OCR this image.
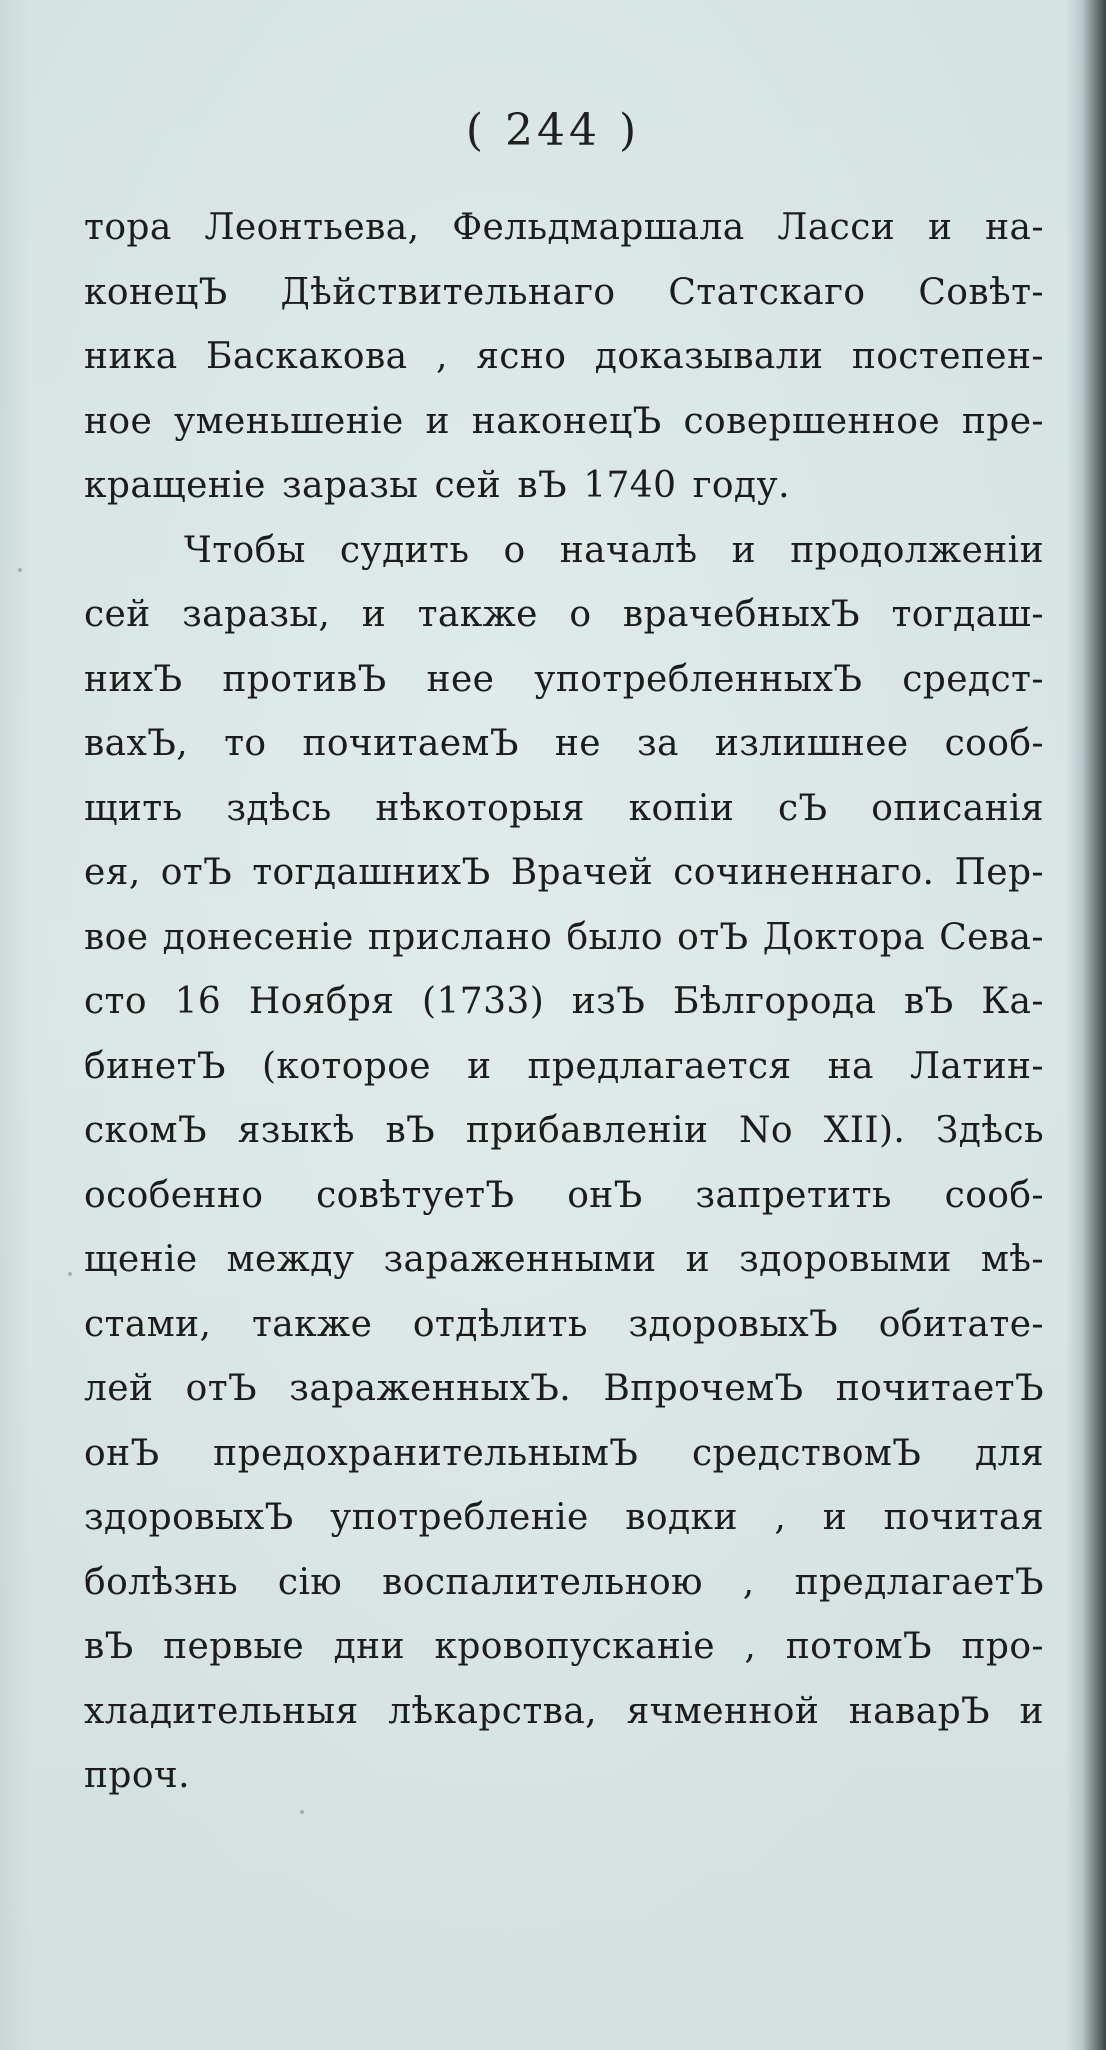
( 244 )
тора Леонтьева, Фельдмаршала Ласси и на-
конецЪ Дѣйствительнаго Статскаго Совѣт-
ника Баскакова , ясно доказывали постепен-
ное уменьшеніе и наконецЪ совершенное пре-
кращеніе заразы сей вЪ 1740 году.
Чтобы судить о началѣ и продолженіи
сей заразы, и также о врачебныхЪ тогдаш-
нихЪ противЪ нее употребленныхЪ средст-
вахЪ, то почитаемЪ не за излишнее сооб-
щить здѣсь нѣкоторыя копіи сЪ описанія
ея, отЪ тогдашнихЪ Врачей сочиненнаго. Пер-
вое донесеніе прислано было отЪ Доктора Сева-
сто 16 Ноября (1733) изЪ Бѣлгорода вЪ Ка-
бинетЪ (которое и предлагается на Латин-
скомЪ языкѣ вЪ прибавленіи No XII). Здѣсь
особенно совѣтуетЪ онЪ запретить сооб-
щеніе между зараженными и здоровыми мѣ-
стами, также отдѣлить здоровыхЪ обитате-
лей отЪ зараженныхЪ. ВпрочемЪ почитаетЪ
онЪ предохранительнымЪ средствомЪ для
здоровыхЪ употребленіе водки , и почитая
болѣзнь сію воспалительною , предлагаетЪ
вЪ первые дни кровопусканіе , потомЪ про-
хладительныя лѣкарства, ячменной наварЪ и
проч.
